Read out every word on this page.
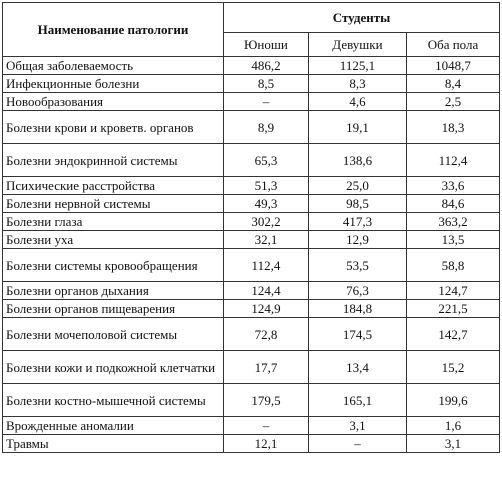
Наименование патологии	Студенты		
	Юноши	Девушки	Оба пола
Общая заболеваемость	486,2	1125,1	1048,7
Инфекционные болезни	8,5	8,3	8,4
Новообразования	–	4,6	2,5
Болезни крови и кроветв. органов	8,9	19,1	18,3
Болезни эндокринной системы	65,3	138,6	112,4
Психические расстройства	51,3	25,0	33,6
Болезни нервной системы	49,3	98,5	84,6
Болезни глаза	302,2	417,3	363,2
Болезни уха	32,1	12,9	13,5
Болезни системы кровообращения	112,4	53,5	58,8
Болезни органов дыхания	124,4	76,3	124,7
Болезни органов пищеварения	124,9	184,8	221,5
Болезни мочеполовой системы	72,8	174,5	142,7
Болезни кожи и подкожной клетчатки	17,7	13,4	15,2
Болезни костно-мышечной системы	179,5	165,1	199,6
Врожденные аномалии	–	3,1	1,6
Травмы	12,1	–	3,1
